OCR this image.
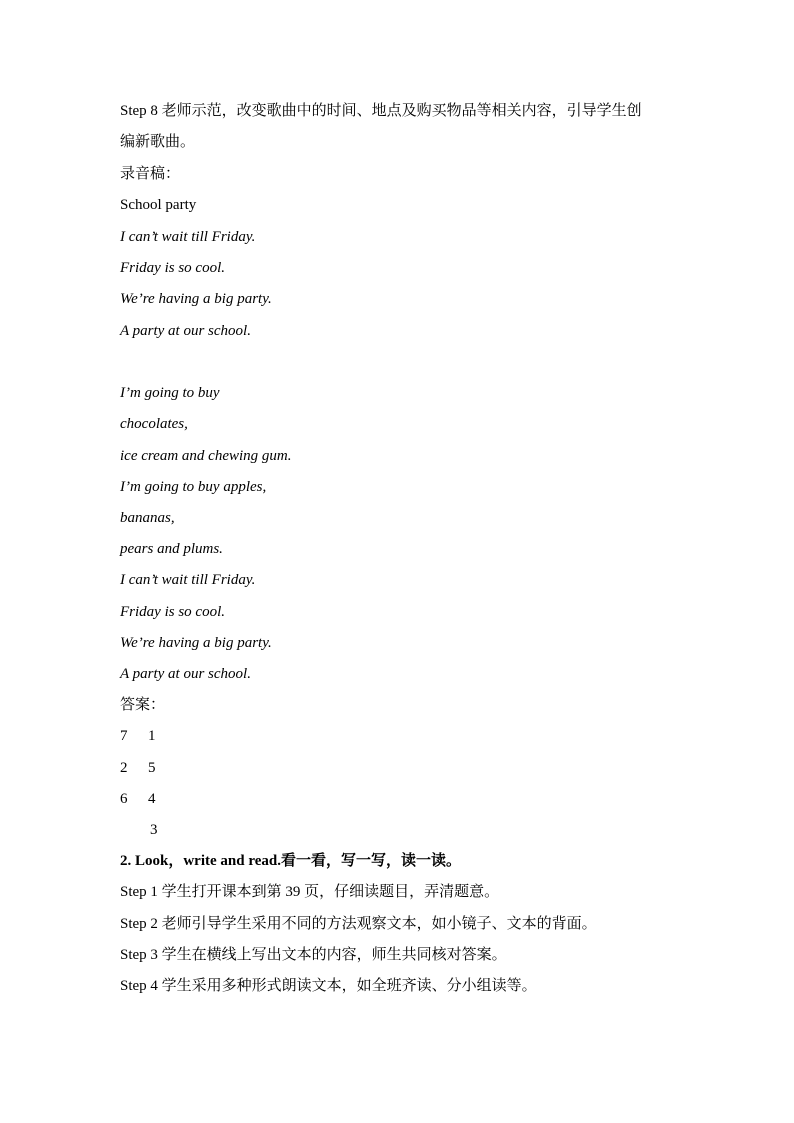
Step 8 老师示范，改变歌曲中的时间、地点及购买物品等相关内容，引导学生创
编新歌曲。
录音稿：
School party
I can’t wait till Friday.
Friday is so cool.
We’re having a big party.
A party at our school.
I’m going to buy
chocolates,
ice cream and chewing gum.
I’m going to buy apples,
bananas,
pears and plums.
I can’t wait till Friday.
Friday is so cool.
We’re having a big party.
A party at our school.
答案：
7 1
2 5
6 4
3
2. Look，write and read.看一看，写一写，读一读。
Step 1 学生打开课本到第 39 页，仔细读题目，弄清题意。
Step 2 老师引导学生采用不同的方法观察文本，如小镜子、文本的背面。
Step 3 学生在横线上写出文本的内容，师生共同核对答案。
Step 4 学生采用多种形式朗读文本，如全班齐读、分小组读等。
